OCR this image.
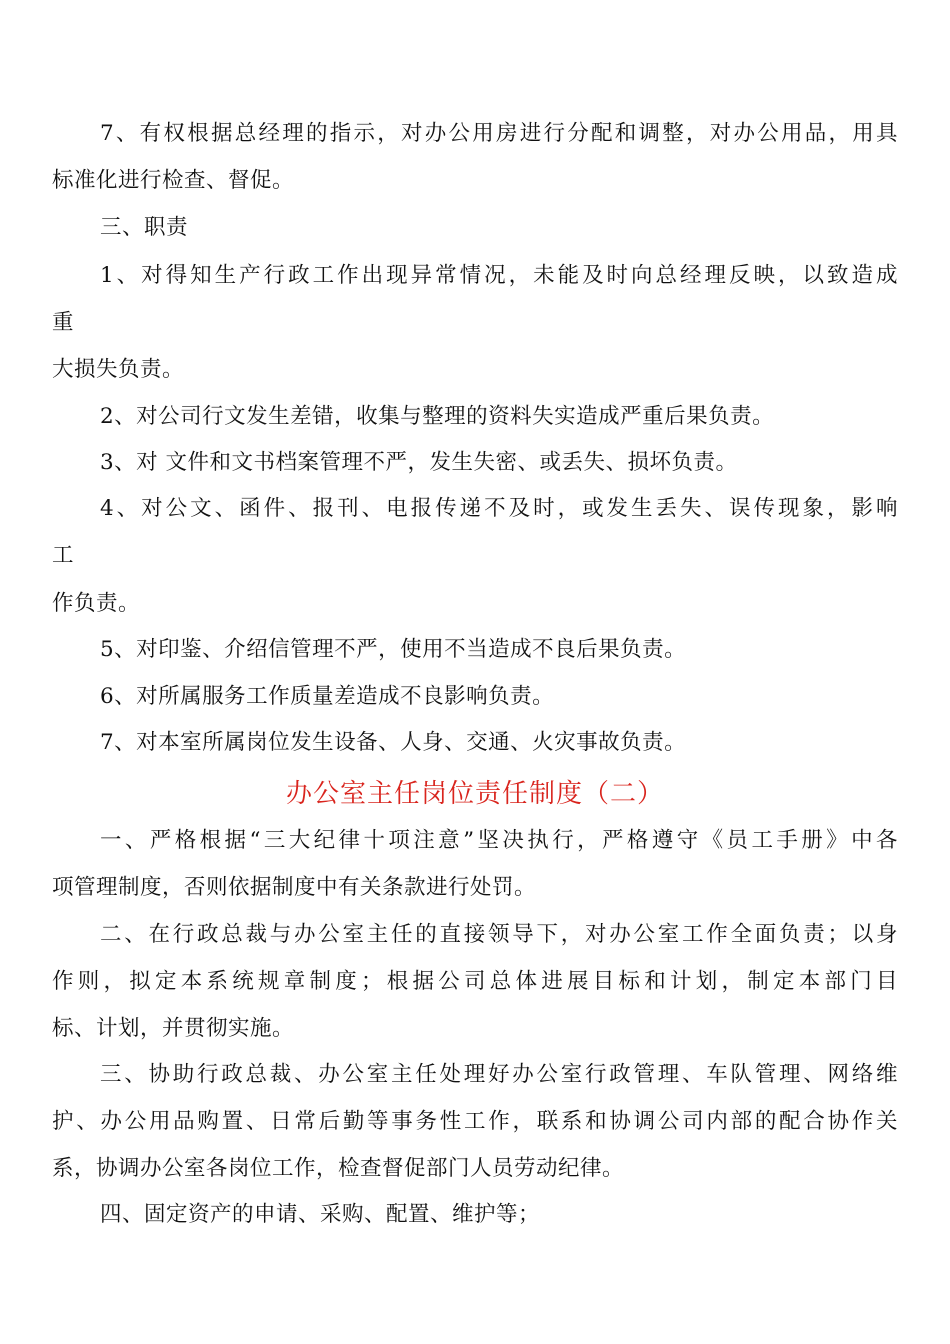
7、有权根据总经理的指示，对办公用房进行分配和调整，对办公用品，用具
标准化进行检查、督促。
三、职责
1、对得知生产行政工作出现异常情况，未能及时向总经理反映，以致造成
重
大损失负责。
2、对公司行文发生差错，收集与整理的资料失实造成严重后果负责。
3、对 文件和文书档案管理不严，发生失密、或丢失、损坏负责。
4、对公文、函件、报刊、电报传递不及时，或发生丢失、误传现象，影响
工
作负责。
5、对印鉴、介绍信管理不严，使用不当造成不良后果负责。
6、对所属服务工作质量差造成不良影响负责。
7、对本室所属岗位发生设备、人身、交通、火灾事故负责。
办公室主任岗位责任制度（二）
一、严格根据“三大纪律十项注意”坚决执行，严格遵守《员工手册》中各
项管理制度，否则依据制度中有关条款进行处罚。
二、在行政总裁与办公室主任的直接领导下，对办公室工作全面负责；以身
作则，拟定本系统规章制度；根据公司总体进展目标和计划，制定本部门目
标、计划，并贯彻实施。
三、协助行政总裁、办公室主任处理好办公室行政管理、车队管理、网络维
护、办公用品购置、日常后勤等事务性工作，联系和协调公司内部的配合协作关
系，协调办公室各岗位工作，检查督促部门人员劳动纪律。
四、固定资产的申请、采购、配置、维护等；
